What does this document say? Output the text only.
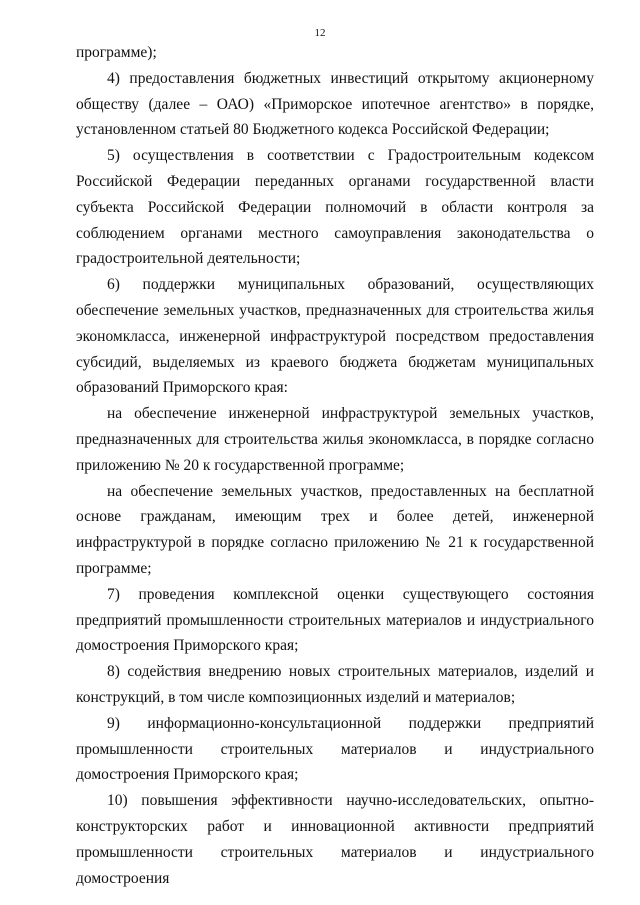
12

программе);

4) предоставления бюджетных инвестиций открытому акционерному обществу (далее – ОАО) «Приморское ипотечное агентство» в порядке, установленном статьей 80 Бюджетного кодекса Российской Федерации;

5) осуществления в соответствии с Градостроительным кодексом Российской Федерации переданных органами государственной власти субъекта Российской Федерации полномочий в области контроля за соблюдением органами местного самоуправления законодательства о градостроительной деятельности;

6) поддержки муниципальных образований, осуществляющих обеспечение земельных участков, предназначенных для строительства жилья экономкласса, инженерной инфраструктурой посредством предоставления субсидий, выделяемых из краевого бюджета бюджетам муниципальных образований Приморского края:

на обеспечение инженерной инфраструктурой земельных участков, предназначенных для строительства жилья экономкласса, в порядке согласно приложению № 20 к государственной программе;

на обеспечение земельных участков, предоставленных на бесплатной основе гражданам, имеющим трех и более детей, инженерной инфраструктурой в порядке согласно приложению № 21 к государственной программе;

7) проведения комплексной оценки существующего состояния предприятий промышленности строительных материалов и индустриального домостроения Приморского края;

8) содействия внедрению новых строительных материалов, изделий и конструкций, в том числе композиционных изделий и материалов;

9) информационно-консультационной поддержки предприятий промышленности строительных материалов и индустриального домостроения Приморского края;

10) повышения эффективности научно-исследовательских, опытно-конструкторских работ и инновационной активности предприятий промышленности строительных материалов и индустриального домостроения
